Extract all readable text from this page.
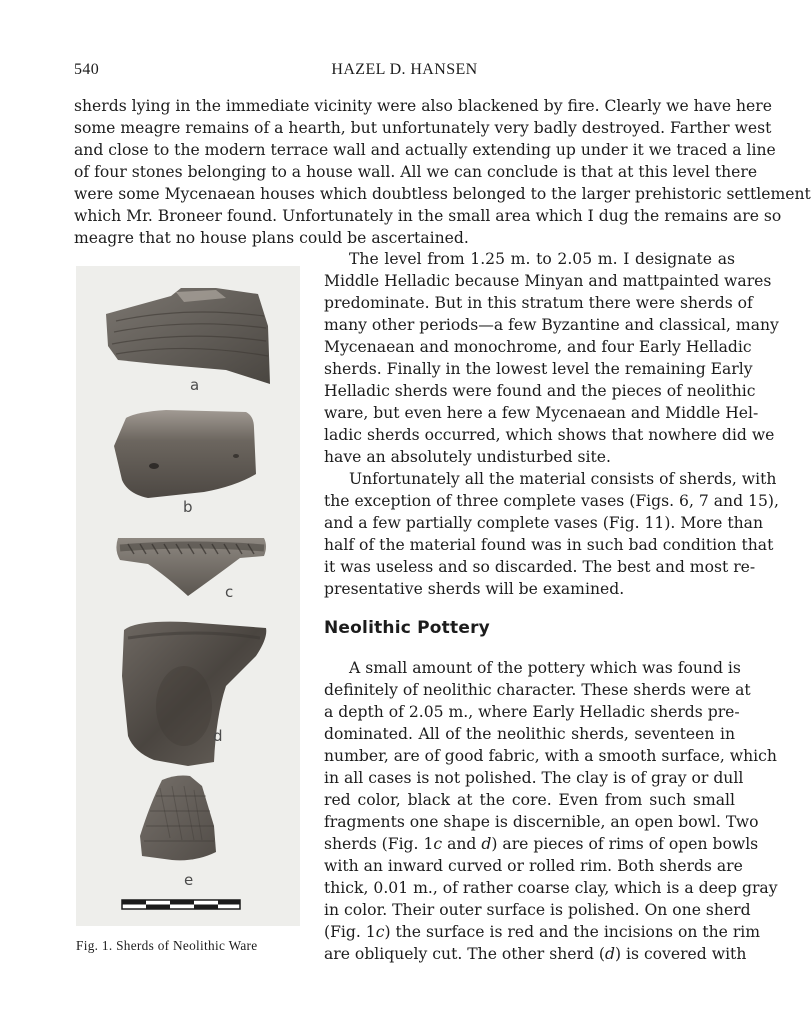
540	HAZEL D. HANSEN
sherds lying in the immediate vicinity were also blackened by fire. Clearly we have here
some meagre remains of a hearth, but unfortunately very badly destroyed. Farther west
and close to the modern terrace wall and actually extending up under it we traced a line
of four stones belonging to a house wall. All we can conclude is that at this level there
were some Mycenaean houses which doubtless belonged to the larger prehistoric settlement
which Mr. Broneer found. Unfortunately in the small area which I dug the remains are so
meagre that no house plans could be ascertained.
The level from 1.25 m. to 2.05 m. I designate as
Middle Helladic because Minyan and mattpainted wares
predominate. But in this stratum there were sherds of
many other periods—a few Byzantine and classical, many
Mycenaean and monochrome, and four Early Helladic
sherds. Finally in the lowest level the remaining Early
Helladic sherds were found and the pieces of neolithic
ware, but even here a few Mycenaean and Middle Hel-
ladic sherds occurred, which shows that nowhere did we
have an absolutely undisturbed site.
Unfortunately all the material consists of sherds, with
the exception of three complete vases (Figs. 6, 7 and 15),
and a few partially complete vases (Fig. 11). More than
half of the material found was in such bad condition that
it was useless and so discarded. The best and most re-
presentative sherds will be examined.
Neolithic Pottery
A small amount of the pottery which was found is
definitely of neolithic character. These sherds were at
a depth of 2.05 m., where Early Helladic sherds pre-
dominated. All of the neolithic sherds, seventeen in
number, are of good fabric, with a smooth surface, which
in all cases is not polished. The clay is of gray or dull
red color, black at the core. Even from such small
fragments one shape is discernible, an open bowl. Two
sherds (Fig. 1c and d) are pieces of rims of open bowls
with an inward curved or rolled rim. Both sherds are
thick, 0.01 m., of rather coarse clay, which is a deep gray
in color. Their outer surface is polished. On one sherd
(Fig. 1c) the surface is red and the incisions on the rim
are obliquely cut. The other sherd (d) is covered with
a
b
c
d
e
Fig. 1. Sherds of Neolithic Ware
